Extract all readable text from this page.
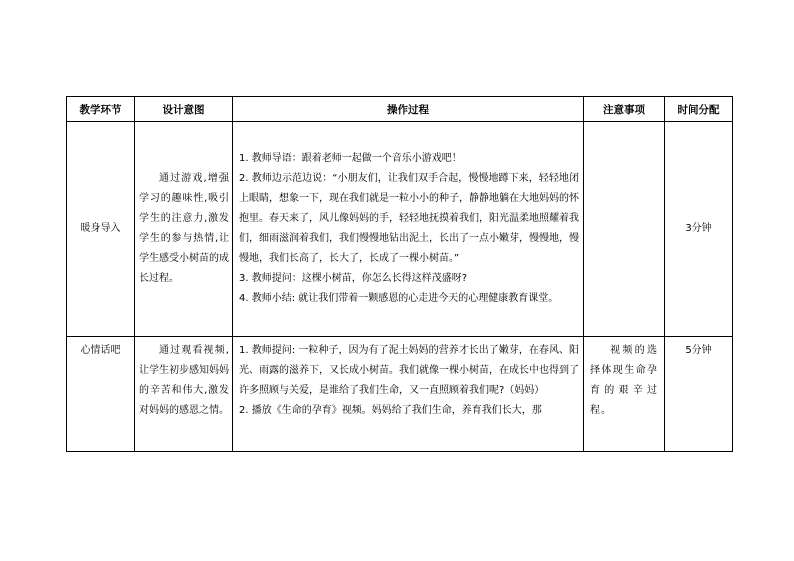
教学环节	设计意图	操作过程	注意事项	时间分配
暖身导入	通过游戏,增强学习的趣味性,吸引学生的注意力,激发学生的参与热情,让学生感受小树苗的成长过程。	1. 教师导语：跟着老师一起做一个音乐小游戏吧！
2. 教师边示范边说：“小朋友们，让我们双手合起，慢慢地蹲下来，轻轻地闭上眼睛，想象一下，现在我们就是一粒小小的种子，静静地躺在大地妈妈的怀抱里。春天来了，风儿像妈妈的手，轻轻地抚摸着我们，阳光温柔地照耀着我们，细雨滋润着我们，我们慢慢地钻出泥土，长出了一点小嫩芽，慢慢地，慢慢地，我们长高了，长大了，长成了一棵小树苗。”
3. 教师提问：这棵小树苗，你怎么长得这样茂盛呀?
4. 教师小结: 就让我们带着一颗感恩的心走进今天的心理健康教育课堂。		3分钟
心情话吧	通过观看视频,让学生初步感知妈妈的辛苦和伟大,激发对妈妈的感恩之情。	1. 教师提问: 一粒种子，因为有了泥土妈妈的营养才长出了嫩芽，在春风、阳光、雨露的滋养下，又长成小树苗。我们就像一棵小树苗，在成长中也得到了许多照顾与关爱，是谁给了我们生命，又一直照顾着我们呢?（妈妈）
2. 播放《生命的孕育》视频。妈妈给了我们生命，养育我们长大，那	视频的选择体现生命孕育的艰辛过程。	5分钟
